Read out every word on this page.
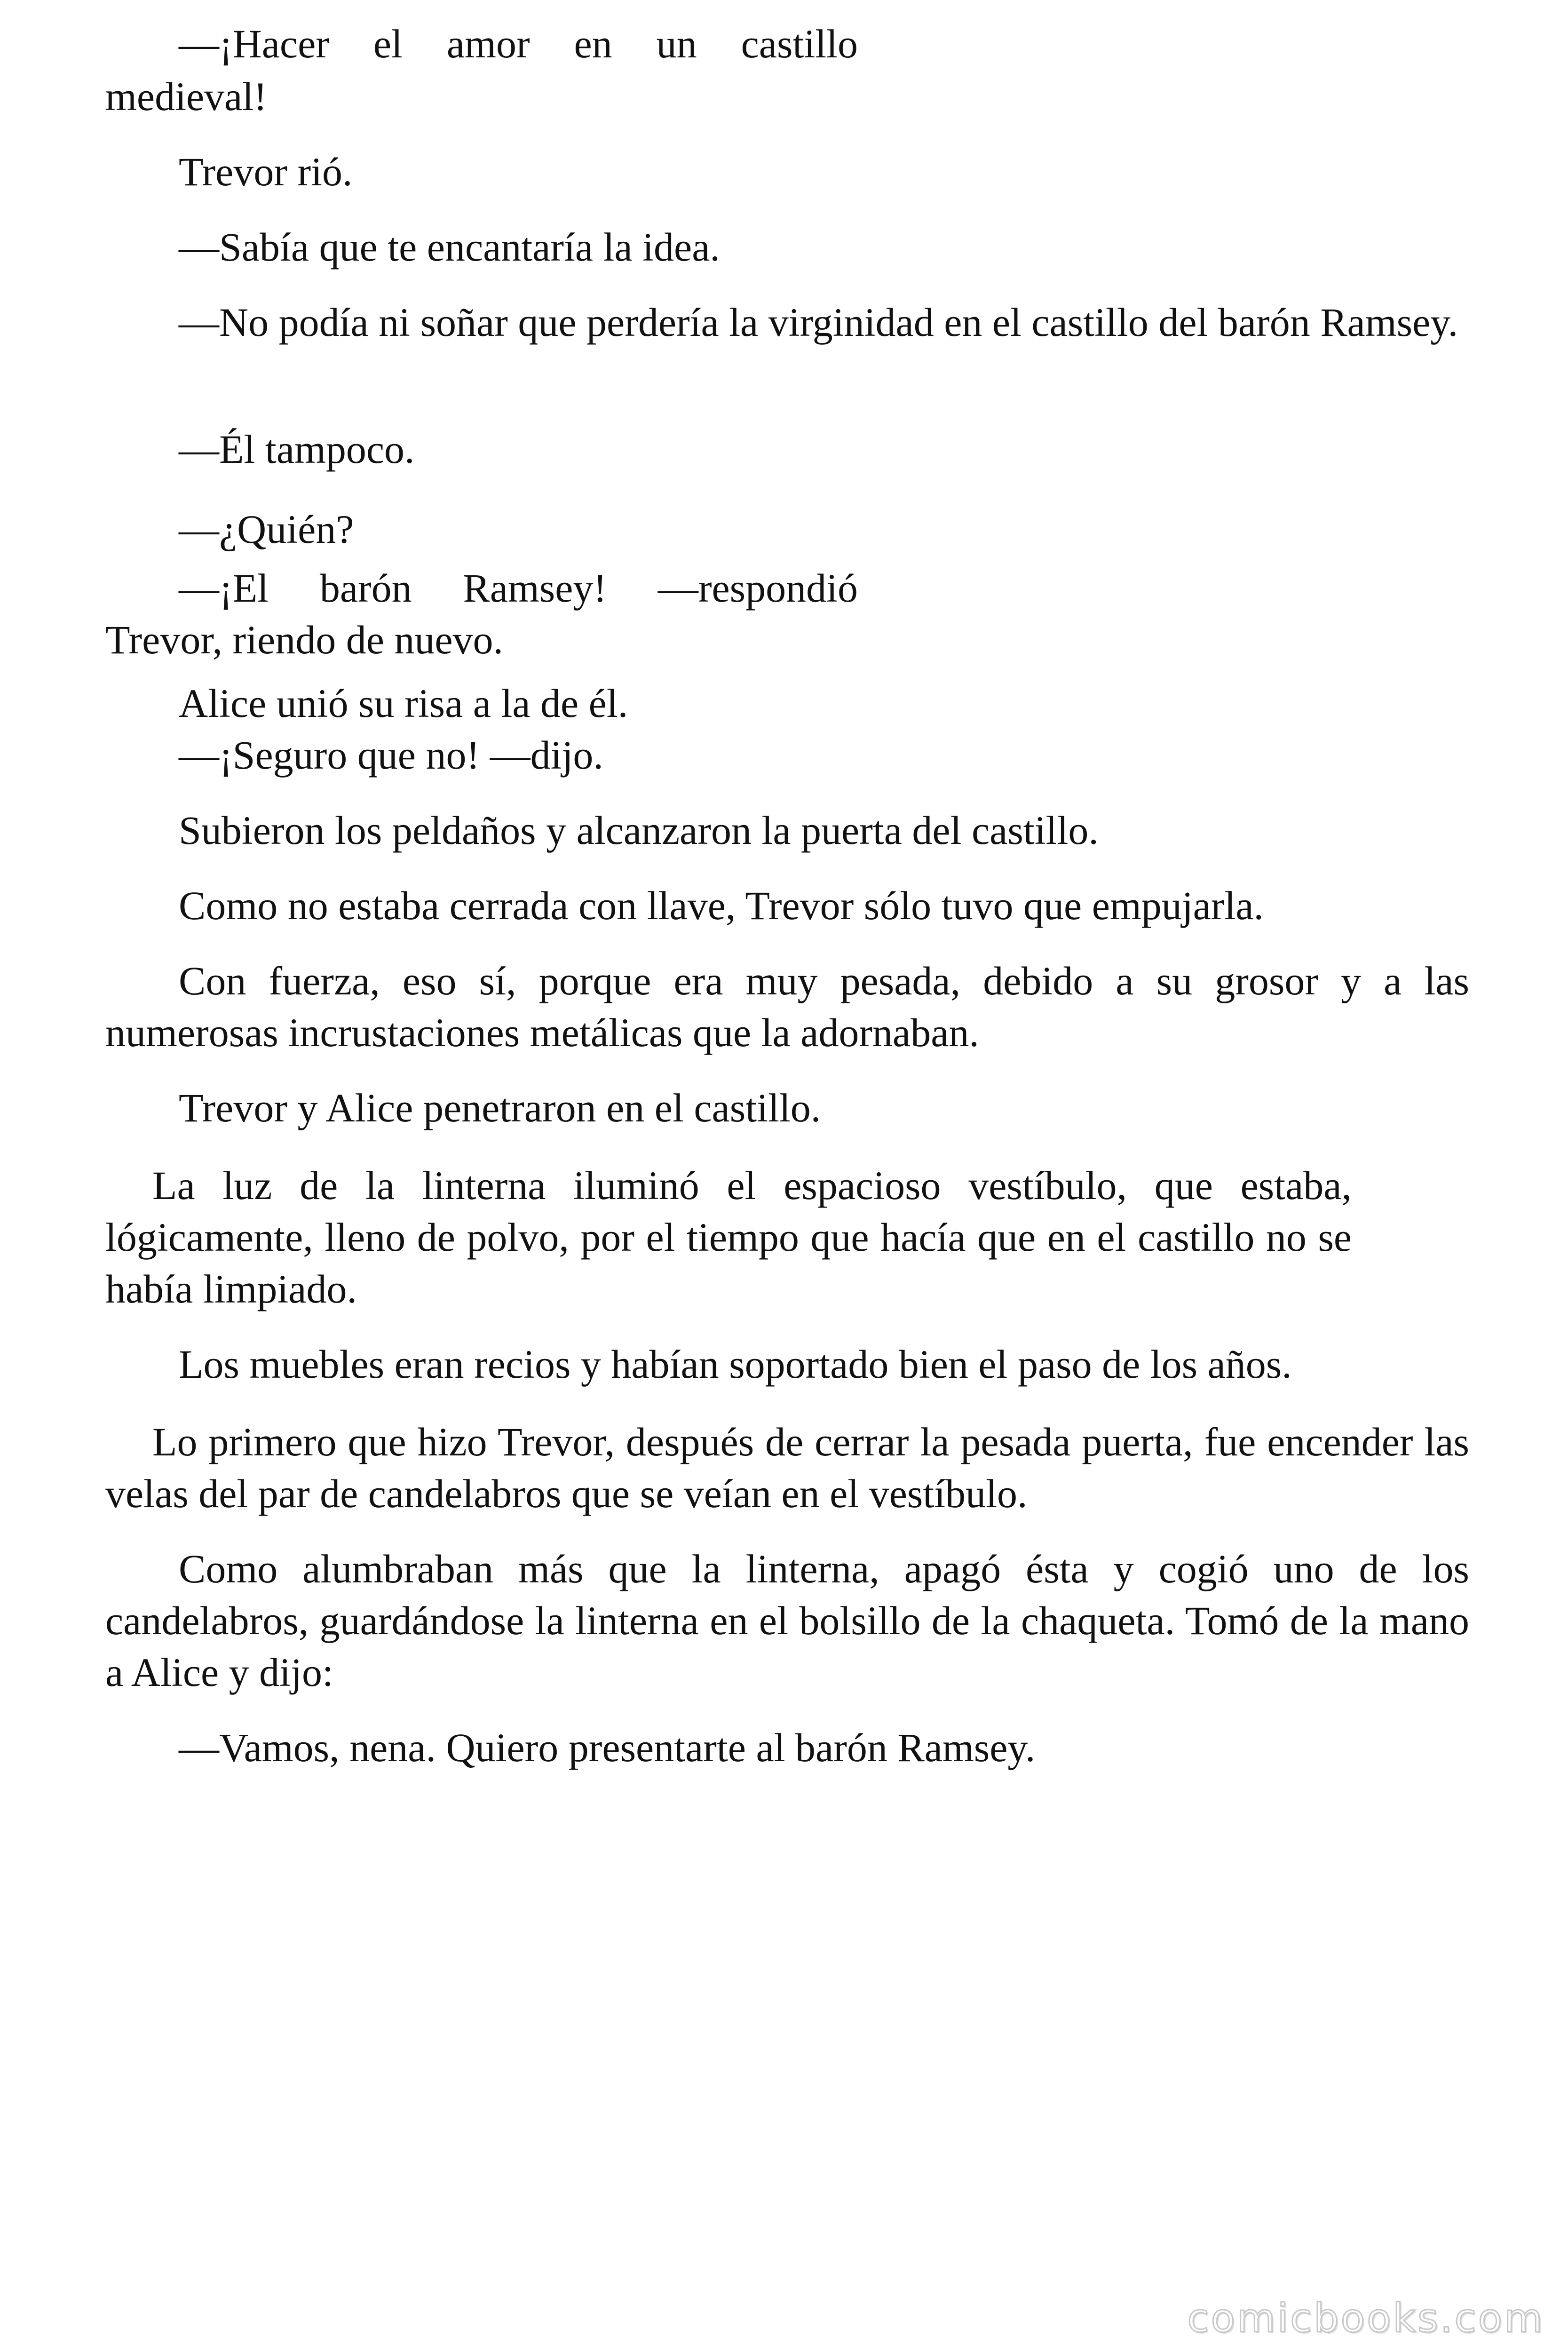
—¡Hacer el amor en un castillo

medieval!

Trevor rió.

—Sabía que te encantaría la idea.

—No podía ni soñar que perdería la virginidad en el castillo del barón Ramsey.

—Él tampoco.

—¿Quién?

—¡El barón Ramsey! —respondió

Trevor, riendo de nuevo.

Alice unió su risa a la de él.

—¡Seguro que no! —dijo.

Subieron los peldaños y alcanzaron la puerta del castillo.

Como no estaba cerrada con llave, Trevor sólo tuvo que empujarla.

Con fuerza, eso sí, porque era muy pesada, debido a su grosor y a las numerosas incrustaciones metálicas que la adornaban.

Trevor y Alice penetraron en el castillo.

La luz de la linterna iluminó el espacioso vestíbulo, que estaba, lógicamente, lleno de polvo, por el tiempo que hacía que en el castillo no se había limpiado.

Los muebles eran recios y habían soportado bien el paso de los años.

Lo primero que hizo Trevor, después de cerrar la pesada puerta, fue encender las velas del par de candelabros que se veían en el vestíbulo.

Como alumbraban más que la linterna, apagó ésta y cogió uno de los candelabros, guardándose la linterna en el bolsillo de la chaqueta. Tomó de la mano a Alice y dijo:

—Vamos, nena. Quiero presentarte al barón Ramsey.

comicbooks.com
